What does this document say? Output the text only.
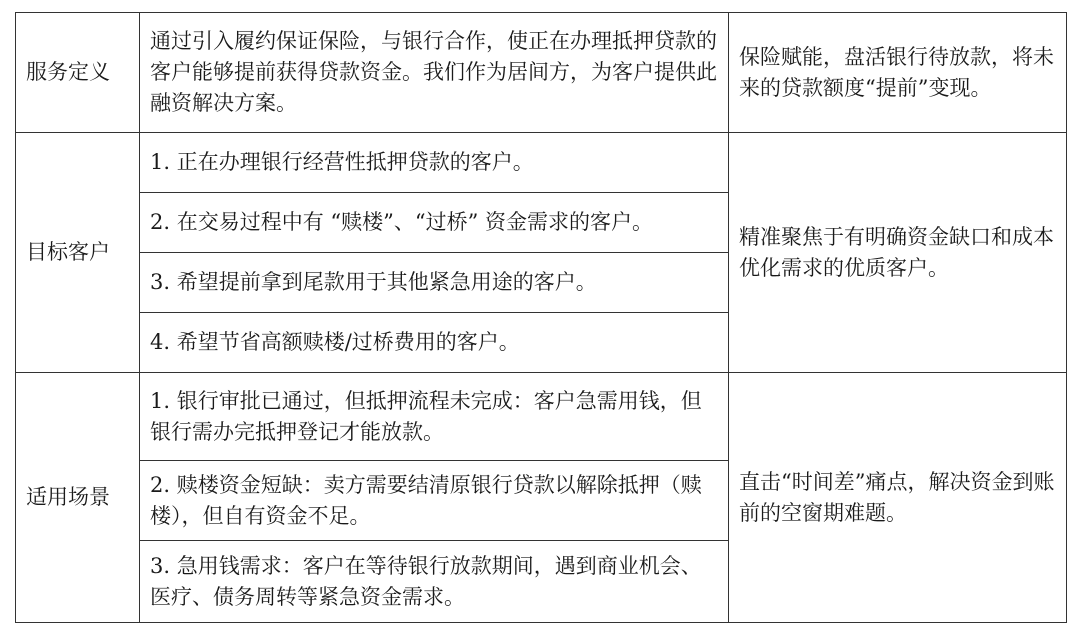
服务定义	通过引入履约保证保险，与银行合作，使正在办理抵押贷款的客户能够提前获得贷款资金。我们作为居间方，为客户提供此融资解决方案。	保险赋能，盘活银行待放款，将未来的贷款额度“提前”变现。
目标客户	1. 正在办理银行经营性抵押贷款的客户。	精准聚焦于有明确资金缺口和成本优化需求的优质客户。
	2. 在交易过程中有 “赎楼”、“过桥” 资金需求的客户。	
	3. 希望提前拿到尾款用于其他紧急用途的客户。	
	4. 希望节省高额赎楼/过桥费用的客户。	
适用场景	1. 银行审批已通过，但抵押流程未完成：客户急需用钱，但银行需办完抵押登记才能放款。	直击“时间差”痛点，解决资金到账前的空窗期难题。
	2. 赎楼资金短缺：卖方需要结清原银行贷款以解除抵押（赎楼），但自有资金不足。	
	3. 急用钱需求：客户在等待银行放款期间，遇到商业机会、医疗、债务周转等紧急资金需求。	
